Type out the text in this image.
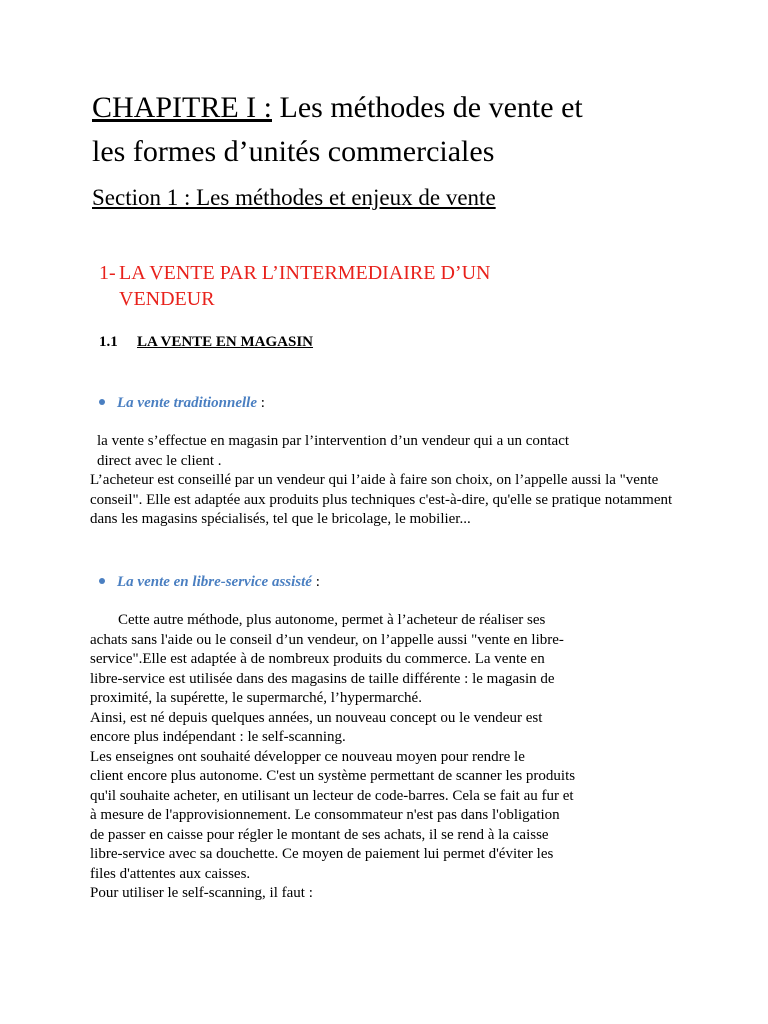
CHAPITRE I : Les méthodes de vente et
les formes d’unités commerciales
Section 1 : Les méthodes et enjeux de vente
1- LA VENTE PAR L’INTERMEDIAIRE D’UN
VENDEUR
1.1 LA VENTE EN MAGASIN
La vente traditionnelle :

la vente s’effectue en magasin par l’intervention d’un vendeur qui a un contact
direct avec le client .

L’acheteur est conseillé par un vendeur qui l’aide à faire son choix, on l’appelle aussi la "vente conseil". Elle est adaptée aux produits plus techniques c'est-à-dire, qu'elle se pratique notamment dans les magasins spécialisés, tel que le bricolage, le mobilier...

La vente en libre-service assisté :

Cette autre méthode, plus autonome, permet à l’acheteur de réaliser ses
achats sans l'aide ou le conseil d’un vendeur, on l’appelle aussi "vente en libre-
service".Elle est adaptée à de nombreux produits du commerce. La vente en
libre-service est utilisée dans des magasins de taille différente : le magasin de
proximité, la supérette, le supermarché, l’hypermarché.
Ainsi, est né depuis quelques années, un nouveau concept ou le vendeur est
encore plus indépendant : le self-scanning.
Les enseignes ont souhaité développer ce nouveau moyen pour rendre le
client encore plus autonome. C'est un système permettant de scanner les produits
qu'il souhaite acheter, en utilisant un lecteur de code-barres. Cela se fait au fur et
à mesure de l'approvisionnement. Le consommateur n'est pas dans l'obligation
de passer en caisse pour régler le montant de ses achats, il se rend à la caisse
libre-service avec sa douchette. Ce moyen de paiement lui permet d'éviter les
files d'attentes aux caisses.
Pour utiliser le self-scanning, il faut :
